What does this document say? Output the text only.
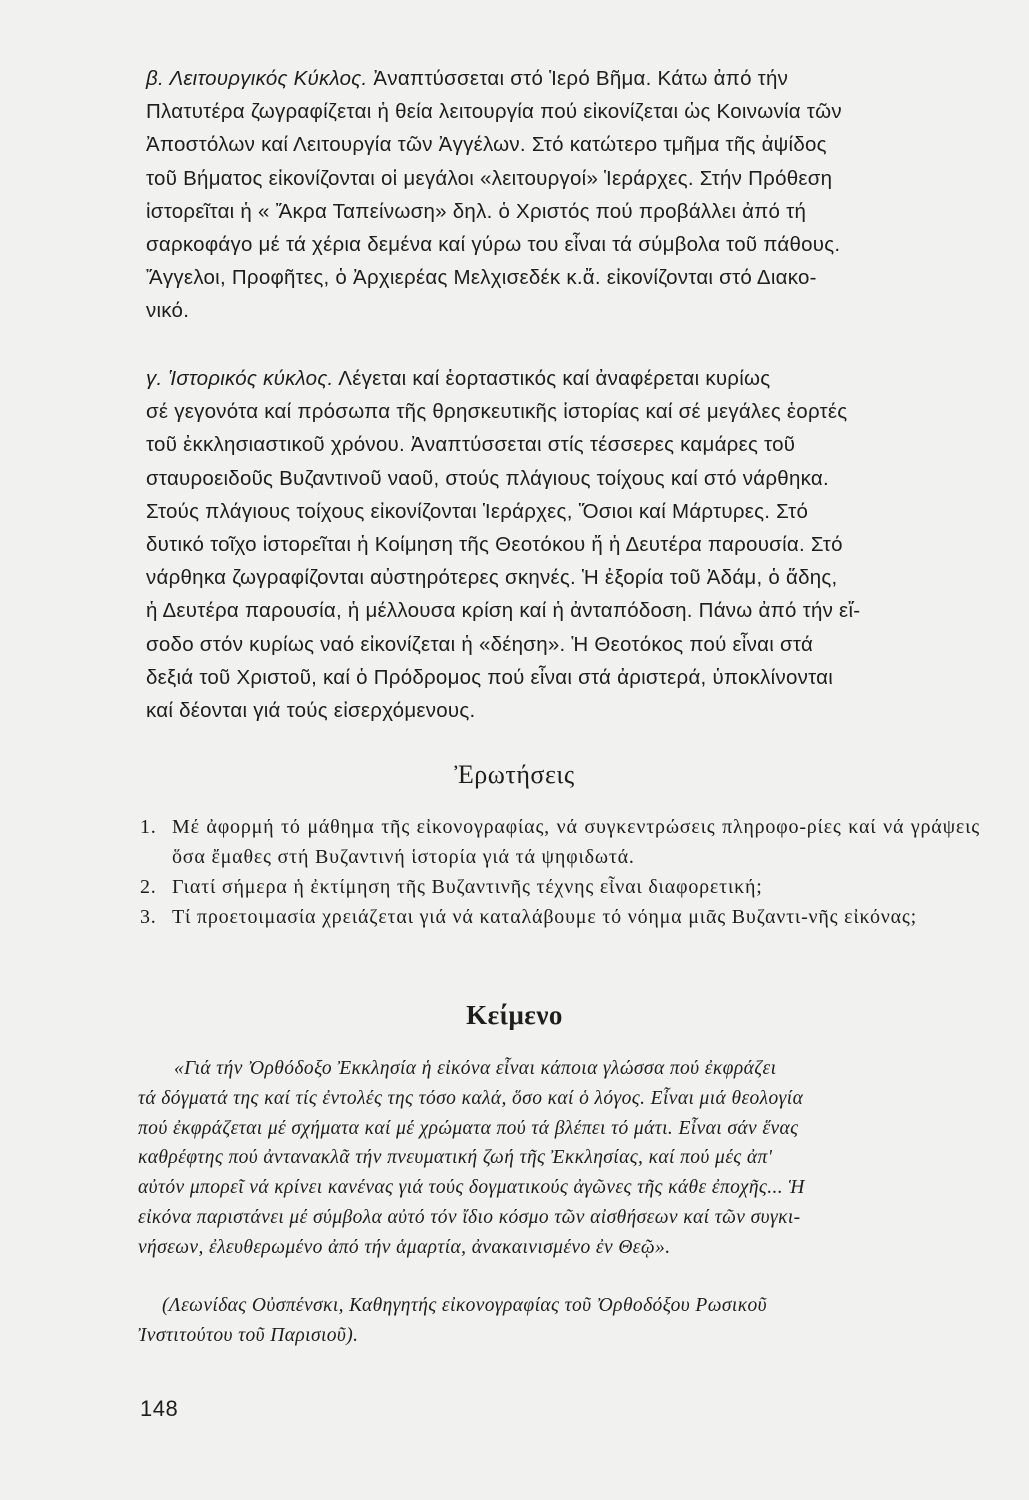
β. Λειτουργικός Κύκλος. Ἀναπτύσσεται στό Ἱερό Βῆμα. Κάτω ἀπό τήν
Πλατυτέρα ζωγραφίζεται ἡ θεία λειτουργία πού εἰκονίζεται ὡς Κοινωνία τῶν
Ἀποστόλων καί Λειτουργία τῶν Ἀγγέλων. Στό κατώτερο τμῆμα τῆς ἀψίδος
τοῦ Βήματος εἰκονίζονται οἱ μεγάλοι «λειτουργοί» Ἱεράρχες. Στήν Πρόθεση
ἱστορεῖται ἡ « Ἄκρα Ταπείνωση» δηλ. ὁ Χριστός πού προβάλλει ἀπό τή
σαρκοφάγο μέ τά χέρια δεμένα καί γύρω του εἶναι τά σύμβολα τοῦ πάθους.
Ἄγγελοι, Προφῆτες, ὁ Ἀρχιερέας Μελχισεδέκ κ.ἄ. εἰκονίζονται στό Διακο-
νικό.
γ. Ἱστορικός κύκλος. Λέγεται καί ἑορταστικός καί ἀναφέρεται κυρίως
σέ γεγονότα καί πρόσωπα τῆς θρησκευτικῆς ἱστορίας καί σέ μεγάλες ἑορτές
τοῦ ἐκκλησιαστικοῦ χρόνου. Ἀναπτύσσεται στίς τέσσερες καμάρες τοῦ
σταυροειδοῦς Βυζαντινοῦ ναοῦ, στούς πλάγιους τοίχους καί στό νάρθηκα.
Στούς πλάγιους τοίχους εἰκονίζονται Ἱεράρχες, Ὅσιοι καί Μάρτυρες. Στό
δυτικό τοῖχο ἱστορεῖται ἡ Κοίμηση τῆς Θεοτόκου ἤ ἡ Δευτέρα παρουσία. Στό
νάρθηκα ζωγραφίζονται αὐστηρότερες σκηνές. Ἡ ἐξορία τοῦ Ἀδάμ, ὁ ἅδης,
ἡ Δευτέρα παρουσία, ἡ μέλλουσα κρίση καί ἡ ἀνταπόδοση. Πάνω ἀπό τήν εἴ-
σοδο στόν κυρίως ναό εἰκονίζεται ἡ «δέηση». Ἡ Θεοτόκος πού εἶναι στά
δεξιά τοῦ Χριστοῦ, καί ὁ Πρόδρομος πού εἶναι στά ἀριστερά, ὑποκλίνονται
καί δέονται γιά τούς εἰσερχόμενους.
Ἐρωτήσεις
1. Μέ ἀφορμή τό μάθημα τῆς εἰκονογραφίας, νά συγκεντρώσεις πληροφο-ρίες καί νά γράψεις ὅσα ἔμαθες στή Βυζαντινή ἱστορία γιά τά ψηφιδωτά.
2. Γιατί σήμερα ἡ ἐκτίμηση τῆς Βυζαντινῆς τέχνης εἶναι διαφορετική;
3. Τί προετοιμασία χρειάζεται γιά νά καταλάβουμε τό νόημα μιᾶς Βυζαντι-νῆς εἰκόνας;
Κείμενο
«Γιά τήν Ὀρθόδοξο Ἐκκλησία ἡ εἰκόνα εἶναι κάποια γλώσσα πού ἐκφράζει
τά δόγματά της καί τίς ἐντολές της τόσο καλά, ὅσο καί ὁ λόγος. Εἶναι μιά θεολογία
πού ἐκφράζεται μέ σχήματα καί μέ χρώματα πού τά βλέπει τό μάτι. Εἶναι σάν ἕνας
καθρέφτης πού ἀντανακλᾶ τήν πνευματική ζωή τῆς Ἐκκλησίας, καί πού μές ἀπ'
αὐτόν μπορεῖ νά κρίνει κανένας γιά τούς δογματικούς ἀγῶνες τῆς κάθε ἐποχῆς... Ἡ
εἰκόνα παριστάνει μέ σύμβολα αὐτό τόν ἴδιο κόσμο τῶν αἰσθήσεων καί τῶν συγκι-
νήσεων, ἐλευθερωμένο ἀπό τήν ἁμαρτία, ἀνακαινισμένο ἐν Θεῷ».
(Λεωνίδας Οὐσπένσκι, Καθηγητής εἰκονογραφίας τοῦ Ὀρθοδόξου Ρωσικοῦ
Ἰνστιτούτου τοῦ Παρισιοῦ).
148
